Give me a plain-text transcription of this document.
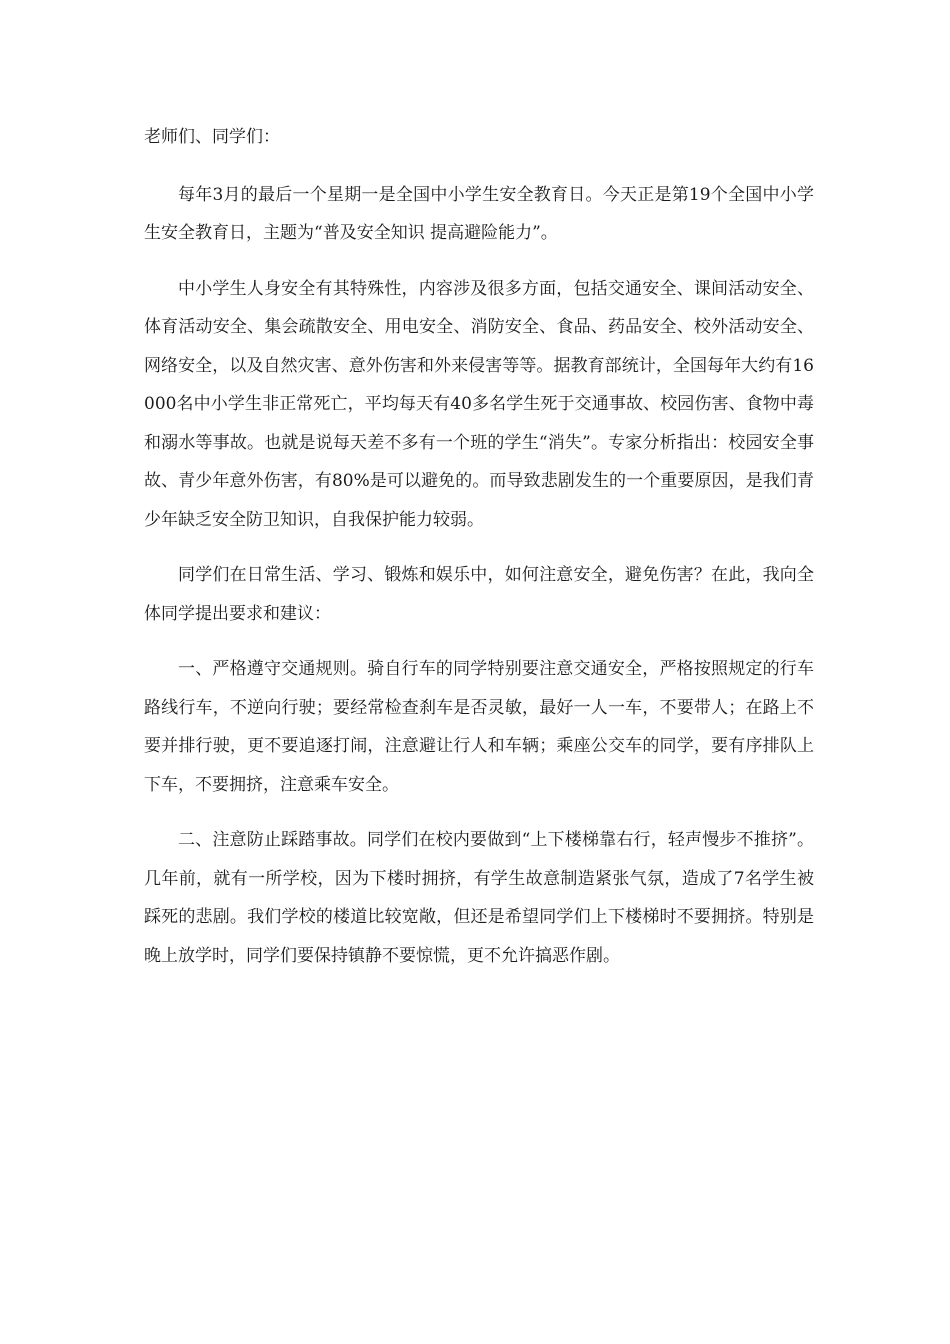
老师们、同学们：

每年3月的最后一个星期一是全国中小学生安全教育日。今天正是第19个全国中小学生安全教育日，主题为“普及安全知识 提高避险能力”。

中小学生人身安全有其特殊性，内容涉及很多方面，包括交通安全、课间活动安全、体育活动安全、集会疏散安全、用电安全、消防安全、食品、药品安全、校外活动安全、网络安全，以及自然灾害、意外伤害和外来侵害等等。据教育部统计，全国每年大约有16000名中小学生非正常死亡，平均每天有40多名学生死于交通事故、校园伤害、食物中毒和溺水等事故。也就是说每天差不多有一个班的学生“消失”。专家分析指出：校园安全事故、青少年意外伤害，有80%是可以避免的。而导致悲剧发生的一个重要原因，是我们青少年缺乏安全防卫知识，自我保护能力较弱。

同学们在日常生活、学习、锻炼和娱乐中，如何注意安全，避免伤害？在此，我向全体同学提出要求和建议：

一、严格遵守交通规则。骑自行车的同学特别要注意交通安全，严格按照规定的行车路线行车，不逆向行驶；要经常检查刹车是否灵敏，最好一人一车，不要带人；在路上不要并排行驶，更不要追逐打闹，注意避让行人和车辆；乘座公交车的同学，要有序排队上下车，不要拥挤，注意乘车安全。

二、注意防止踩踏事故。同学们在校内要做到“上下楼梯靠右行，轻声慢步不推挤”。几年前，就有一所学校，因为下楼时拥挤，有学生故意制造紧张气氛，造成了7名学生被踩死的悲剧。我们学校的楼道比较宽敞，但还是希望同学们上下楼梯时不要拥挤。特别是晚上放学时，同学们要保持镇静不要惊慌，更不允许搞恶作剧。
